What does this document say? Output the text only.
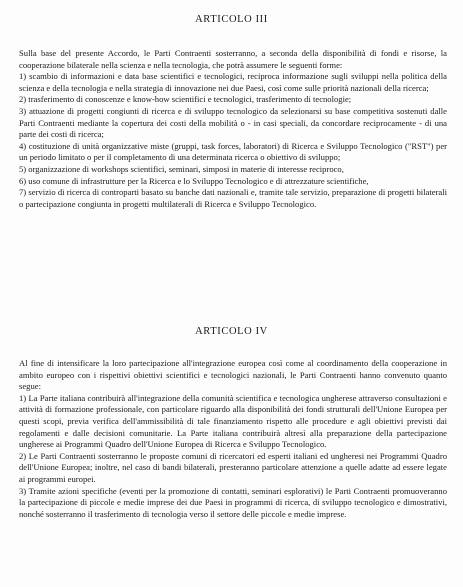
ARTICOLO III

Sulla base del presente Accordo, le Parti Contraenti sosterranno, a seconda della disponibilità di fondi e risorse, la cooperazione bilaterale nella scienza e nella tecnologia, che potrà assumere le seguenti forme:

1) scambio di informazioni e data base scientifici e tecnologici, reciproca informazione sugli sviluppi nella politica della scienza e della tecnologia e nella strategia di innovazione nei due Paesi, così come sulle priorità nazionali della ricerca;

2) trasferimento di conoscenze e know-how scientifici e tecnologici, trasferimento di tecnologie;

3) attuazione di progetti congiunti di ricerca e di sviluppo tecnologico da selezionarsi su base competitiva sostenuti dalle Parti Contraenti mediante la copertura dei costi della mobilità o - in casi speciali, da concordare reciprocamente - di una parte dei costi di ricerca;

4) costituzione di unità organizzative miste (gruppi, task forces, laboratori) di Ricerca e Sviluppo Tecnologico ("RST") per un periodo limitato o per il completamento di una determinata ricerca o obiettivo di sviluppo;

5) organizzazione di workshops scientifici, seminari, simposi in materie di interesse reciproco,

6) uso comune di infrastrutture per la Ricerca e lo Sviluppo Tecnologico e di attrezzature scientifiche,

7) servizio di ricerca di controparti basato su banche dati nazionali e, tramite tale servizio, preparazione di progetti bilaterali o partecipazione congiunta in progetti multilaterali di Ricerca e Sviluppo Tecnologico.

ARTICOLO IV

Al fine di intensificare la loro partecipazione all'integrazione europea così come al coordinamento della cooperazione in ambito europeo con i rispettivi obiettivi scientifici e tecnologici nazionali, le Parti Contraenti hanno convenuto quanto segue:

1) La Parte italiana contribuirà all'integrazione della comunità scientifica e tecnologica ungherese attraverso consultazioni e attività di formazione professionale, con particolare riguardo alla disponibilità dei fondi strutturali dell'Unione Europea per questi scopi, previa verifica dell'ammissibilità di tale finanziamento rispetto alle procedure e agli obiettivi previsti dai regolamenti e dalle decisioni comunitarie. La Parte italiana contribuirà altresì alla preparazione della partecipazione ungherese ai Programmi Quadro dell'Unione Europea di Ricerca e Sviluppo Tecnologico.

2) Le Parti Contraenti sosterranno le proposte comuni di ricercatori ed esperti italiani ed ungheresi nei Programmi Quadro dell'Unione Europea; inoltre, nel caso di bandi bilaterali, presteranno particolare attenzione a quelle adatte ad essere legate ai programmi europei.

3) Tramite azioni specifiche (eventi per la promozione di contatti, seminari esplorativi) le Parti Contraenti promuoveranno la partecipazione di piccole e medie imprese dei due Paesi in programmi di ricerca, di sviluppo tecnologico e dimostrativi, nonché sosterranno il trasferimento di tecnologia verso il settore delle piccole e medie imprese.
